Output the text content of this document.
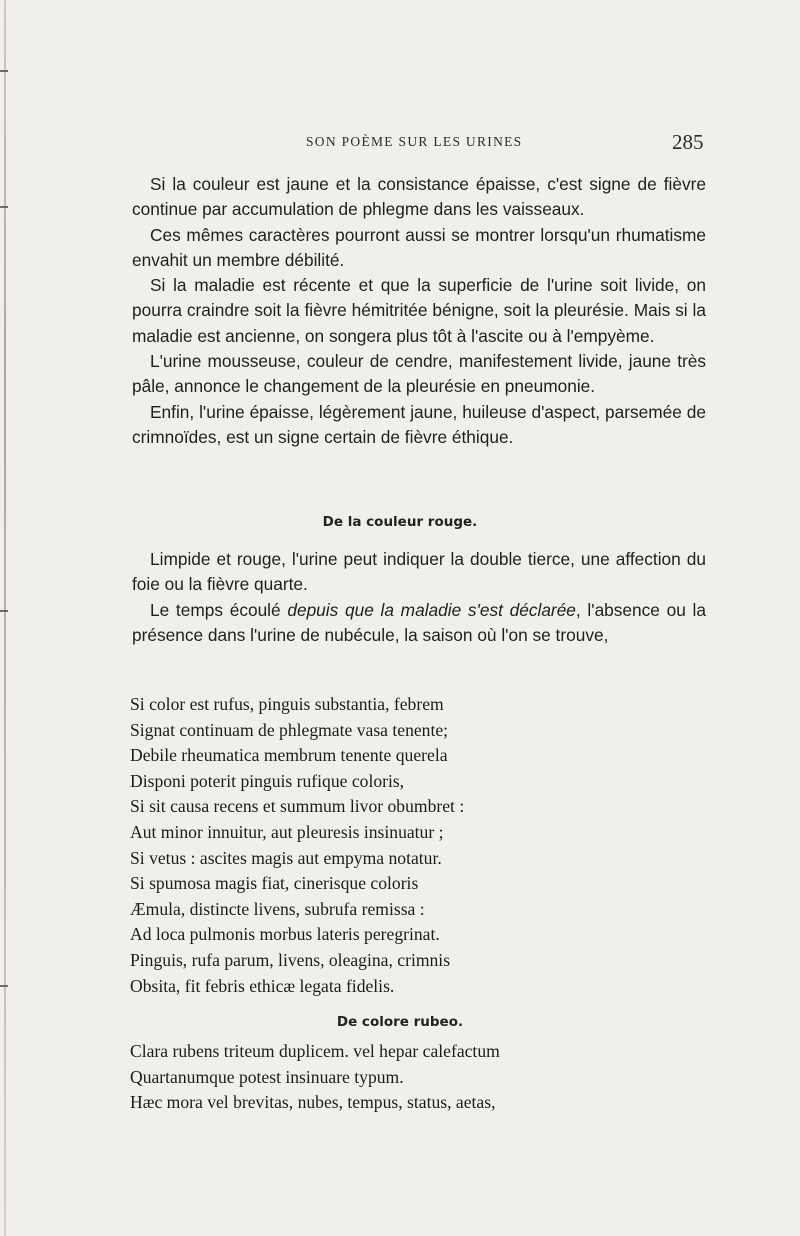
SON POÈME SUR LES URINES	285

Si la couleur est jaune et la consistance épaisse, c'est signe de fièvre continue par accumulation de phlegme dans les vaisseaux.

Ces mêmes caractères pourront aussi se montrer lorsqu'un rhumatisme envahit un membre débilité.

Si la maladie est récente et que la superficie de l'urine soit livide, on pourra craindre soit la fièvre hémitritée bénigne, soit la pleurésie. Mais si la maladie est ancienne, on songera plus tôt à l'ascite ou à l'empyème.

L'urine mousseuse, couleur de cendre, manifestement livide, jaune très pâle, annonce le changement de la pleurésie en pneumonie.

Enfin, l'urine épaisse, légèrement jaune, huileuse d'aspect, parsemée de crimnoïdes, est un signe certain de fièvre éthique.

De la couleur rouge.

Limpide et rouge, l'urine peut indiquer la double tierce, une affection du foie ou la fièvre quarte.

Le temps écoulé depuis que la maladie s'est déclarée, l'absence ou la présence dans l'urine de nubécule, la saison où l'on se trouve,

Si color est rufus, pinguis substantia, febrem
Signat continuam de phlegmate vasa tenente;
Debile rheumatica membrum tenente querela
Disponi poterit pinguis rufique coloris,
Si sit causa recens et summum livor obumbret :
Aut minor innuitur, aut pleuresis insinuatur ;
Si vetus : ascites magis aut empyma notatur.
Si spumosa magis fiat, cinerisque coloris
Æmula, distincte livens, subrufa remissa :
Ad loca pulmonis morbus lateris peregrinat.
Pinguis, rufa parum, livens, oleagina, crimnis
Obsita, fit febris ethicæ legata fidelis.
De colore rubeo.
Clara rubens triteum duplicem. vel hepar calefactum
Quartanumque potest insinuare typum.
Hæc mora vel brevitas, nubes, tempus, status, aetas,
